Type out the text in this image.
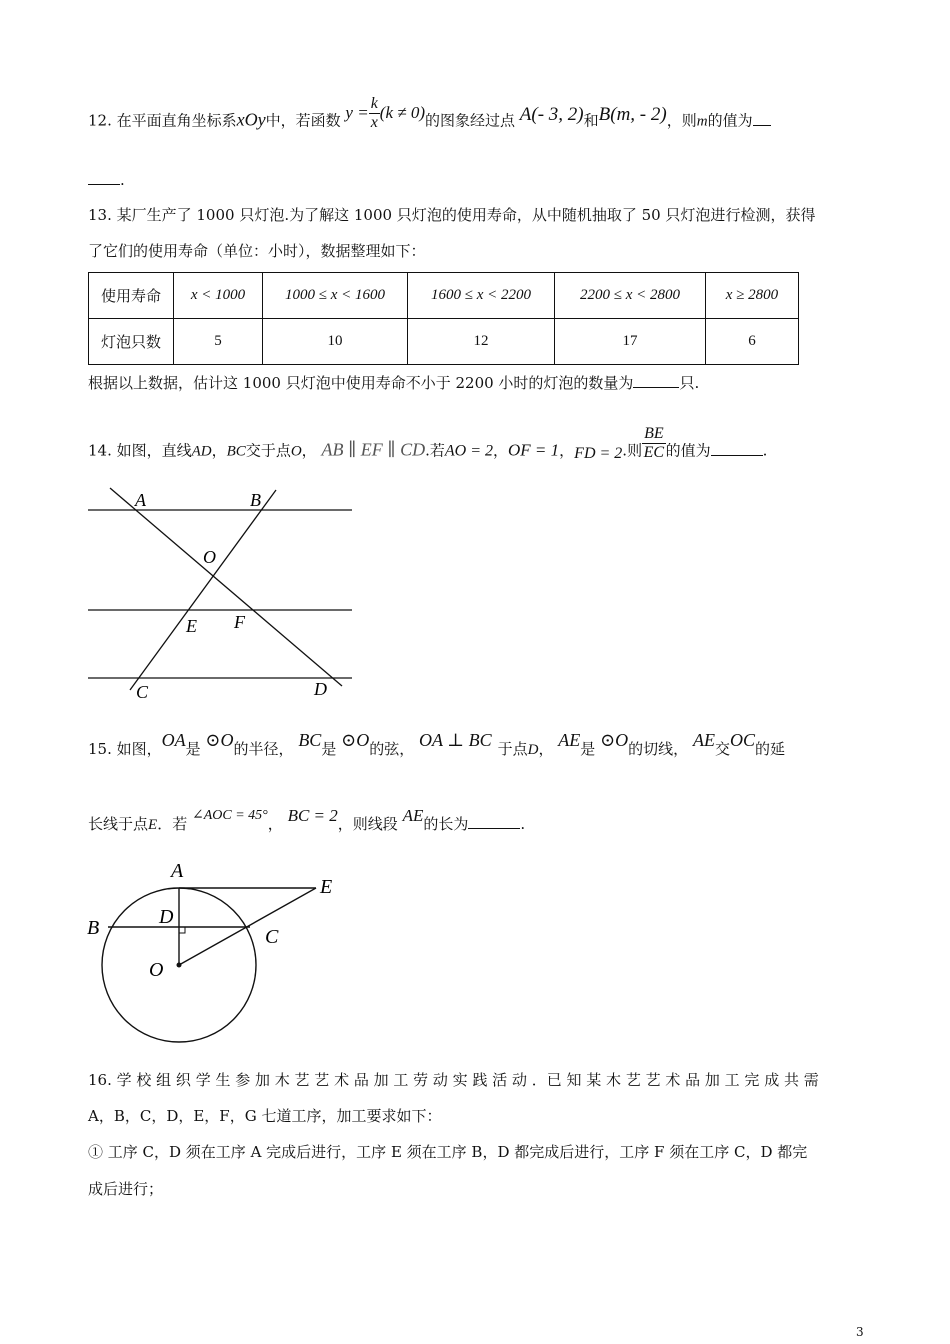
12. 在平面直角坐标系xOy中，若函数 $y = \frac{k}{x} (k \ne 0)$的图象经过点 A(- 3, 2)和B(m, - 2)，则m的值为
.
13. 某厂生产了 1000 只灯泡.为了解这 1000 只灯泡的使用寿命，从中随机抽取了 50 只灯泡进行检测，获得
了它们的使用寿命（单位：小时），数据整理如下：
使用寿命	x < 1000	1000 ≤ x < 1600	1600 ≤ x < 2200	2200 ≤ x < 2800	x ≥ 2800
灯泡只数	5	10	12	17	6
根据以上数据，估计这 1000 只灯泡中使用寿命不小于 2200 小时的灯泡的数量为	只.
14. 如图，直线AD，BC交于点O， AB ∥ EF ∥ CD.若AO = 2，OF = 1，FD = 2.则 $\frac{BE}{EC}$ 的值为	.
A	B
O
E F
C	D
15. 如图，OA是 ⊙O的半径， BC是 ⊙O的弦， OA ⊥ BC 于点D， AE是 ⊙O的切线， AE交OC的延
长线于点E．若 ∠AOC = 45°， BC = 2，则线段 AE的长为	.
A
E
B	D
C
O
16. 学 校 组 织 学 生 参 加 木 艺 艺 术 品 加 工 劳 动 实 践 活 动 ．已 知 某 木 艺 艺 术 品 加 工 完 成 共 需
A，B，C，D，E，F，G 七道工序，加工要求如下：
① 工序 C，D 须在工序 A 完成后进行，工序 E 须在工序 B，D 都完成后进行，工序 F 须在工序 C，D 都完
成后进行；
3
